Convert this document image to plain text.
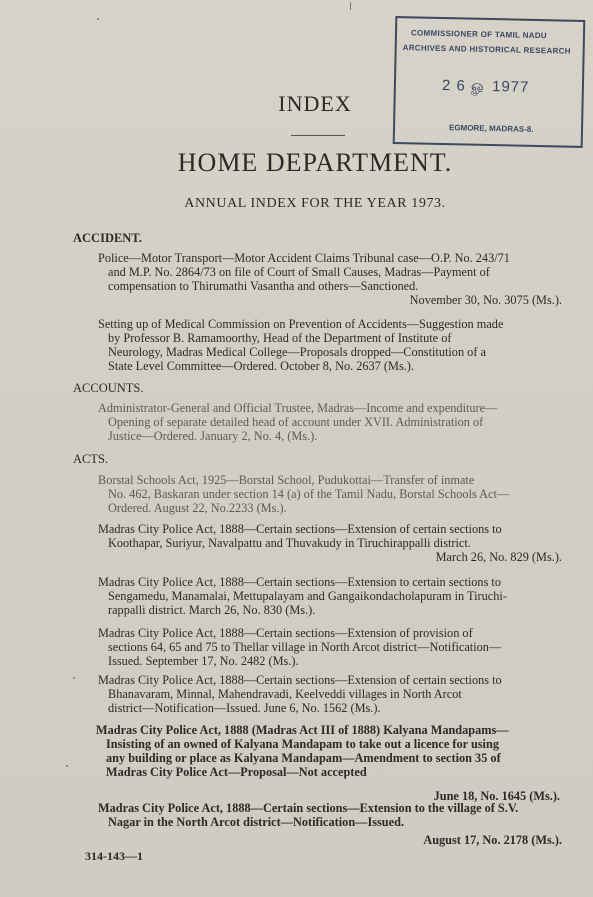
COMMISSIONER OF TAMIL NADU
ARCHIVES AND HISTORICAL RESEARCH
2 6 ௐ 1977
EGMORE, MADRAS-8.
INDEX
HOME DEPARTMENT.
ANNUAL INDEX FOR THE YEAR 1973.
ACCIDENT.
Police—Motor Transport—Motor Accident Claims Tribunal case—O.P. No. 243/71
and M.P. No. 2864/73 on file of Court of Small Causes, Madras—Payment of
compensation to Thirumathi Vasantha and others—Sanctioned.
November 30, No. 3075 (Ms.).
Setting up of Medical Commission on Prevention of Accidents—Suggestion made
by Professor B. Ramamoorthy, Head of the Department of Institute of
Neurology, Madras Medical College—Proposals dropped—Constitution of a
State Level Committee—Ordered. October 8, No. 2637 (Ms.).
ACCOUNTS.
Administrator-General and Official Trustee, Madras—Income and expenditure—
Opening of separate detailed head of account under XVII. Administration of
Justice—Ordered. January 2, No. 4, (Ms.).
ACTS.
Borstal Schools Act, 1925—Borstal School, Pudukottai—Transfer of inmate
No. 462, Baskaran under section 14 (a) of the Tamil Nadu, Borstal Schools Act—
Ordered. August 22, No.2233 (Ms.).
Madras City Police Act, 1888—Certain sections—Extension of certain sections to
Koothapar, Suriyur, Navalpattu and Thuvakudy in Tiruchirappalli district.
March 26, No. 829 (Ms.).
Madras City Police Act, 1888—Certain sections—Extension to certain sections to
Sengamedu, Manamalai, Mettupalayam and Gangaikondacholapuram in Tiruchi-
rappalli district. March 26, No. 830 (Ms.).
Madras City Police Act, 1888—Certain sections—Extension of provision of
sections 64, 65 and 75 to Thellar village in North Arcot district—Notification—
Issued. September 17, No. 2482 (Ms.).
Madras City Police Act, 1888—Certain sections—Extension of certain sections to
Bhanavaram, Minnal, Mahendravadi, Keelveddi villages in North Arcot
district—Notification—Issued. June 6, No. 1562 (Ms.).
Madras City Police Act, 1888 (Madras Act III of 1888) Kalyana Mandapams—
Insisting of an owned of Kalyana Mandapam to take out a licence for using
any building or place as Kalyana Mandapam—Amendment to section 35 of
Madras City Police Act—Proposal—Not accepted
June 18, No. 1645 (Ms.).
Madras City Police Act, 1888—Certain sections—Extension to the village of S.V.
Nagar in the North Arcot district—Notification—Issued.
August 17, No. 2178 (Ms.).
314-143—1
